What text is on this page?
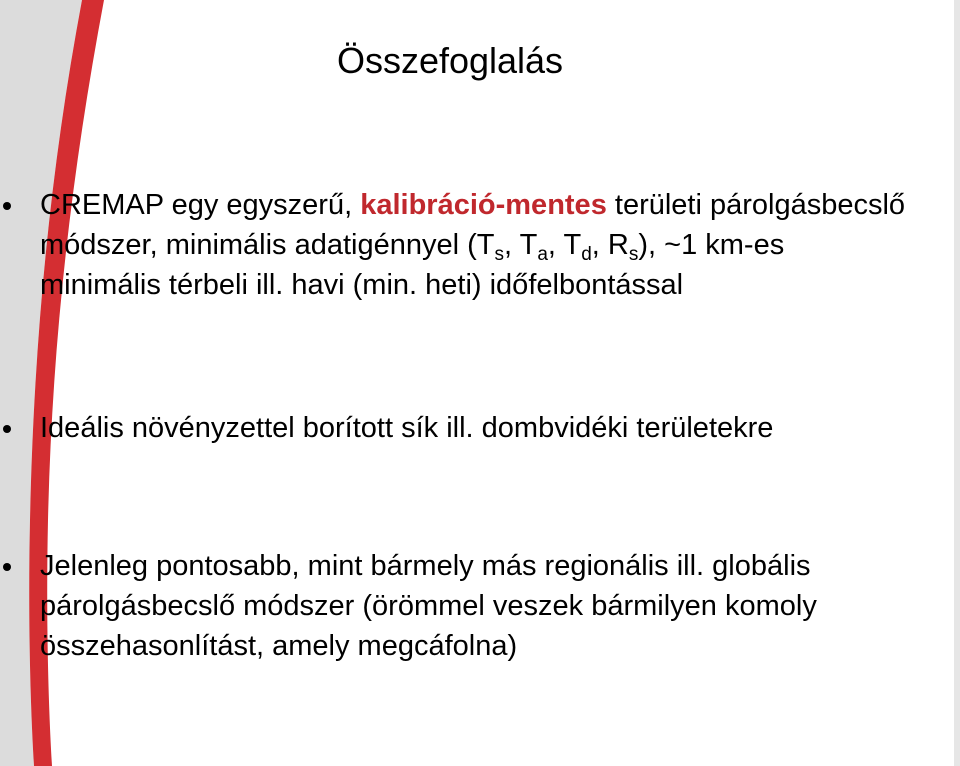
Összefoglalás
CREMAP egy egyszerű, kalibráció-mentes területi párolgásbecslő módszer, minimális adatigénnyel ($T_s$, $T_a$, $T_d$, $R_s$), ~1 km-es minimális térbeli ill. havi (min. heti) időfelbontással
Ideális növényzettel borított sík ill. dombvidéki területekre
Jelenleg pontosabb, mint bármely más regionális ill. globális párolgásbecslő módszer (örömmel veszek bármilyen komoly összehasonlítást, amely megcáfolna)
